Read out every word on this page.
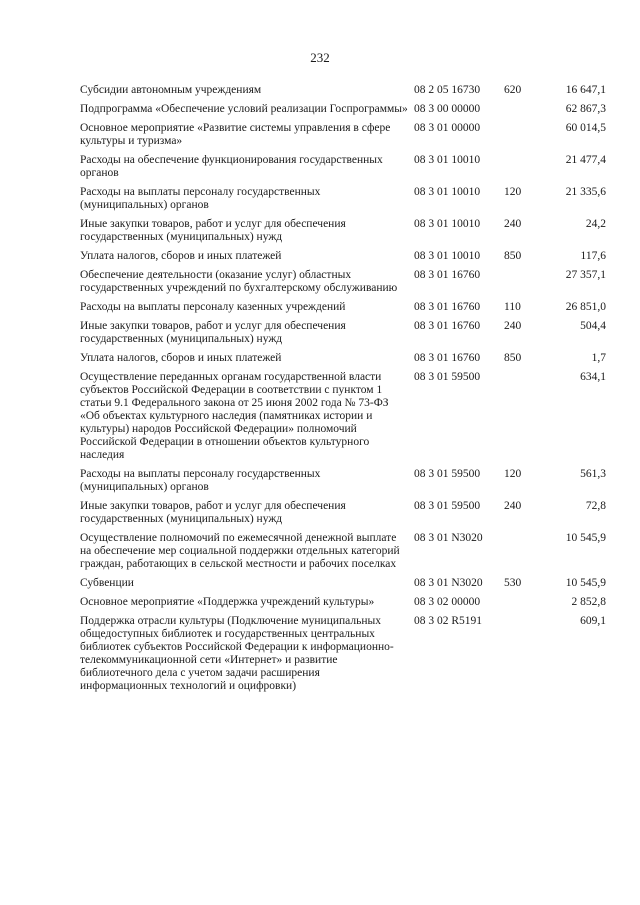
232
Субсидии автономным учреждениям	08 2 05 16730	620	16 647,1
Подпрограмма «Обеспечение условий реализации Госпрограммы»	08 3 00 00000		62 867,3
Основное мероприятие «Развитие системы управления в сфере культуры и туризма»	08 3 01 00000		60 014,5
Расходы на обеспечение функционирования государственных органов	08 3 01 10010		21 477,4
Расходы на выплаты персоналу государственных (муниципальных) органов	08 3 01 10010	120	21 335,6
Иные закупки товаров, работ и услуг для обеспечения государственных (муниципальных) нужд	08 3 01 10010	240	24,2
Уплата налогов, сборов и иных платежей	08 3 01 10010	850	117,6
Обеспечение деятельности (оказание услуг) областных государственных учреждений по бухгалтерскому обслуживанию	08 3 01 16760		27 357,1
Расходы на выплаты персоналу казенных учреждений	08 3 01 16760	110	26 851,0
Иные закупки товаров, работ и услуг для обеспечения государственных (муниципальных) нужд	08 3 01 16760	240	504,4
Уплата налогов, сборов и иных платежей	08 3 01 16760	850	1,7
Осуществление переданных органам государственной власти субъектов Российской Федерации в соответствии с пунктом 1 статьи 9.1 Федерального закона от 25 июня 2002 года № 73-ФЗ «Об объектах культурного наследия (памятниках истории и культуры) народов Российской Федерации» полномочий Российской Федерации в отношении объектов культурного наследия	08 3 01 59500		634,1
Расходы на выплаты персоналу государственных (муниципальных) органов	08 3 01 59500	120	561,3
Иные закупки товаров, работ и услуг для обеспечения государственных (муниципальных) нужд	08 3 01 59500	240	72,8
Осуществление полномочий по ежемесячной денежной выплате на обеспечение мер социальной поддержки отдельных категорий граждан, работающих в сельской местности и рабочих поселках	08 3 01 N3020		10 545,9
Субвенции	08 3 01 N3020	530	10 545,9
Основное мероприятие «Поддержка учреждений культуры»	08 3 02 00000		2 852,8
Поддержка отрасли культуры (Подключение муниципальных общедоступных библиотек и государственных центральных библиотек субъектов Российской Федерации к информационно-телекоммуникационной сети «Интернет» и развитие библиотечного дела с учетом задачи расширения информационных технологий и оцифровки)	08 3 02 R5191		609,1
